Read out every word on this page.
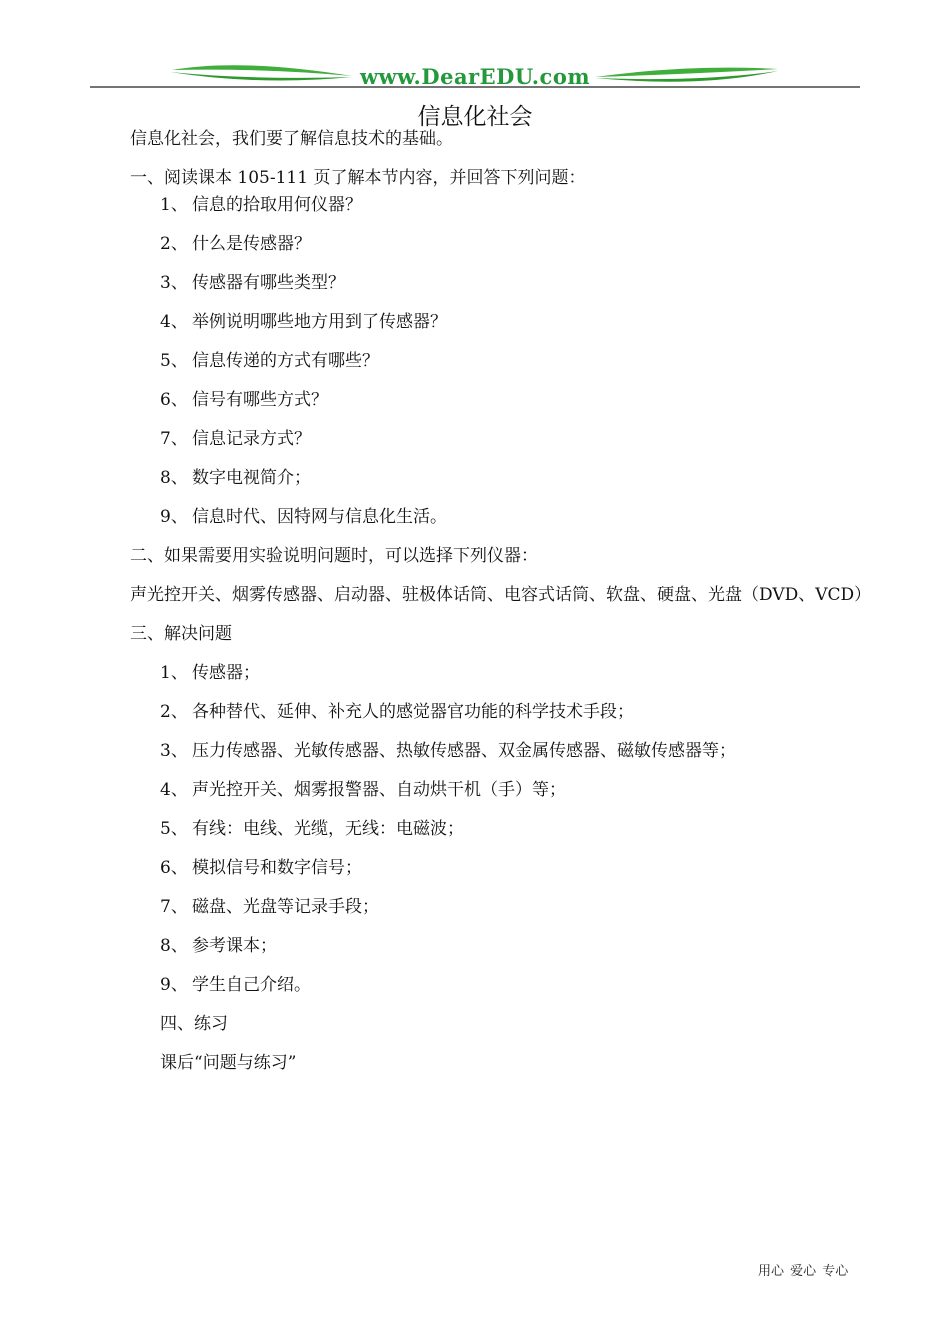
www.DearEDU.com
信息化社会
信息化社会，我们要了解信息技术的基础。
一、阅读课本 105-111 页了解本节内容，并回答下列问题：
1、 信息的拾取用何仪器？
2、 什么是传感器？
3、 传感器有哪些类型？
4、 举例说明哪些地方用到了传感器？
5、 信息传递的方式有哪些？
6、 信号有哪些方式？
7、 信息记录方式？
8、 数字电视简介；
9、 信息时代、因特网与信息化生活。
二、如果需要用实验说明问题时，可以选择下列仪器：
声光控开关、烟雾传感器、启动器、驻极体话筒、电容式话筒、软盘、硬盘、光盘（DVD、VCD）
三、解决问题
1、 传感器；
2、 各种替代、延伸、补充人的感觉器官功能的科学技术手段；
3、 压力传感器、光敏传感器、热敏传感器、双金属传感器、磁敏传感器等；
4、 声光控开关、烟雾报警器、自动烘干机（手）等；
5、 有线：电线、光缆，无线：电磁波；
6、 模拟信号和数字信号；
7、 磁盘、光盘等记录手段；
8、 参考课本；
9、 学生自己介绍。
四、练习
课后“问题与练习”
用心 爱心 专心
